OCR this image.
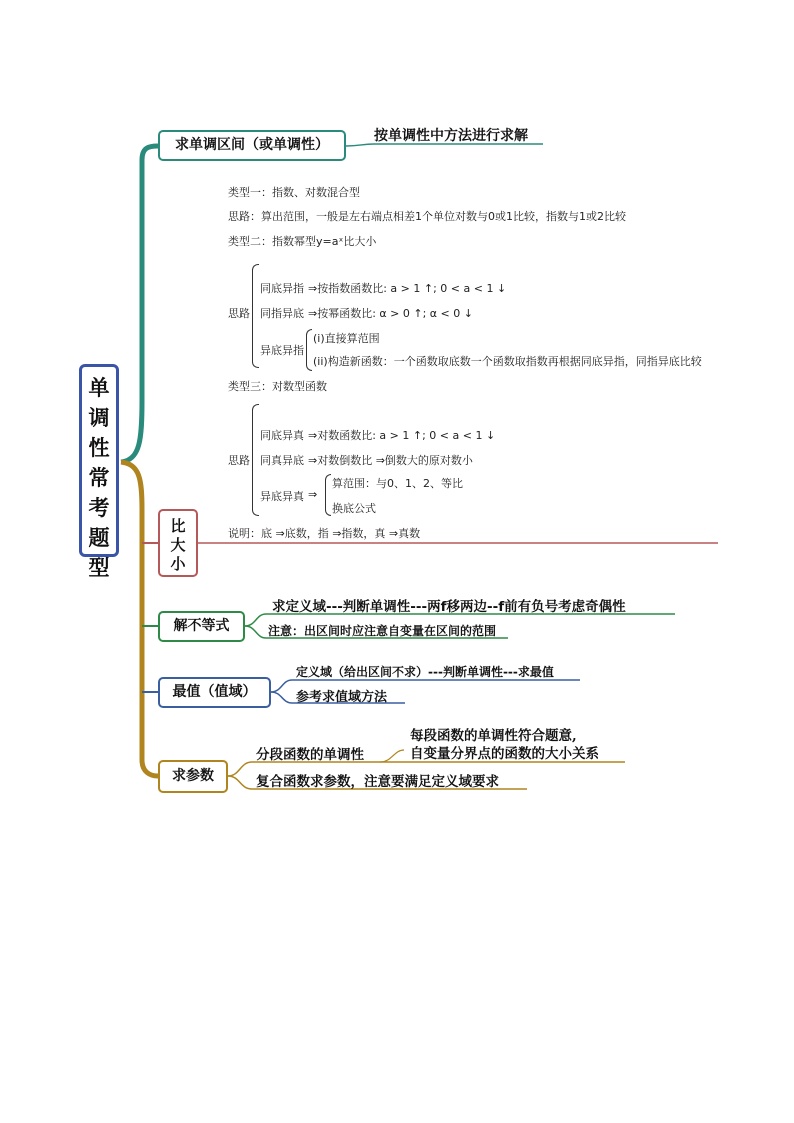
单
调
性
常
考
题
型
求单调区间（或单调性）
按单调性中方法进行求解
比
大
小
类型一：指数、对数混合型
思路：算出范围，一般是左右端点相差1个单位对数与0或1比较，指数与1或2比较
类型二：指数幂型y=aˣ比大小
思路
同底异指 ⇒按指数函数比: a > 1 ↑; 0 < a < 1 ↓
同指异底 ⇒按幂函数比: α > 0 ↑; α < 0 ↓
异底异指
(i)直接算范围
(ii)构造新函数：一个函数取底数一个函数取指数再根据同底异指，同指异底比较
类型三：对数型函数
思路
同底异真 ⇒对数函数比: a > 1 ↑; 0 < a < 1 ↓
同真异底 ⇒对数倒数比 ⇒倒数大的原对数小
异底异真 ⇒
算范围：与0、1、2、等比
换底公式
说明：底 ⇒底数，指 ⇒指数，真 ⇒真数
解不等式
求定义域---判断单调性---两f移两边--f前有负号考虑奇偶性
注意：出区间时应注意自变量在区间的范围
最值（值域）
定义域（给出区间不求）---判断单调性---求最值
参考求值域方法
求参数
分段函数的单调性
每段函数的单调性符合题意,
自变量分界点的函数的大小关系
复合函数求参数，注意要满足定义域要求
